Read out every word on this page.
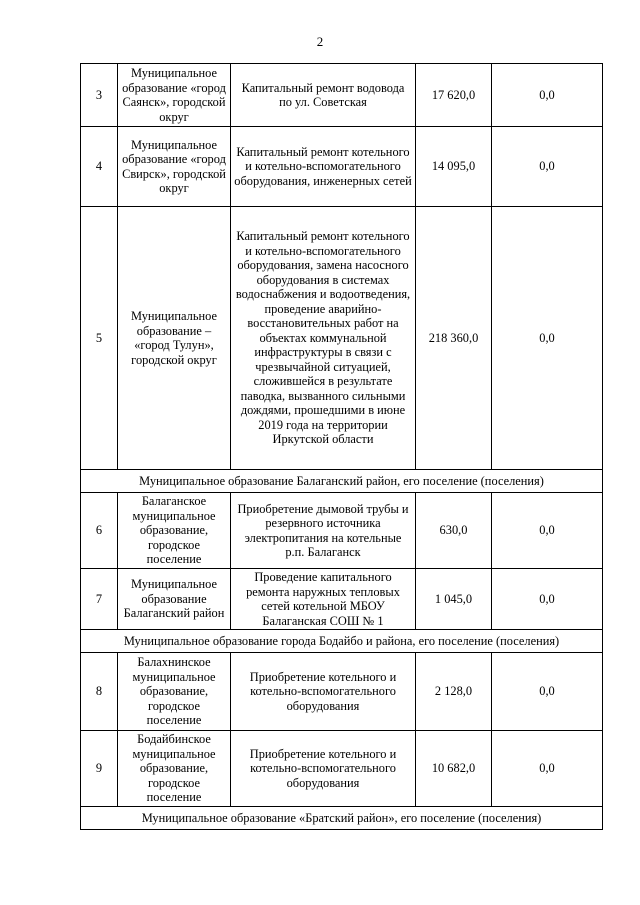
2
3	Муниципальное образование «город Саянск», городской округ	Капитальный ремонт водовода по ул. Советская	17 620,0	0,0
4	Муниципальное образование «город Свирск», городской округ	Капитальный ремонт котельного и котельно-вспомогательного оборудования, инженерных сетей	14 095,0	0,0
5	Муниципальное образование – «город Тулун», городской округ	Капитальный ремонт котельного и котельно-вспомогательного оборудования, замена насосного оборудования в системах водоснабжения и водоотведения, проведение аварийно-восстановительных работ на объектах коммунальной инфраструктуры в связи с чрезвычайной ситуацией, сложившейся в результате паводка, вызванного сильными дождями, прошедшими в июне 2019 года на территории Иркутской области	218 360,0	0,0
Муниципальное образование Балаганский район, его поселение (поселения)				
6	Балаганское муниципальное образование, городское поселение	Приобретение дымовой трубы и резервного источника электропитания на котельные р.п. Балаганск	630,0	0,0
7	Муниципальное образование Балаганский район	Проведение капитального ремонта наружных тепловых сетей котельной МБОУ Балаганская СОШ № 1	1 045,0	0,0
Муниципальное образование города Бодайбо и района, его поселение (поселения)				
8	Балахнинское муниципальное образование, городское поселение	Приобретение котельного и котельно-вспомогательного оборудования	2 128,0	0,0
9	Бодайбинское муниципальное образование, городское поселение	Приобретение котельного и котельно-вспомогательного оборудования	10 682,0	0,0
Муниципальное образование «Братский район», его поселение (поселения)				
